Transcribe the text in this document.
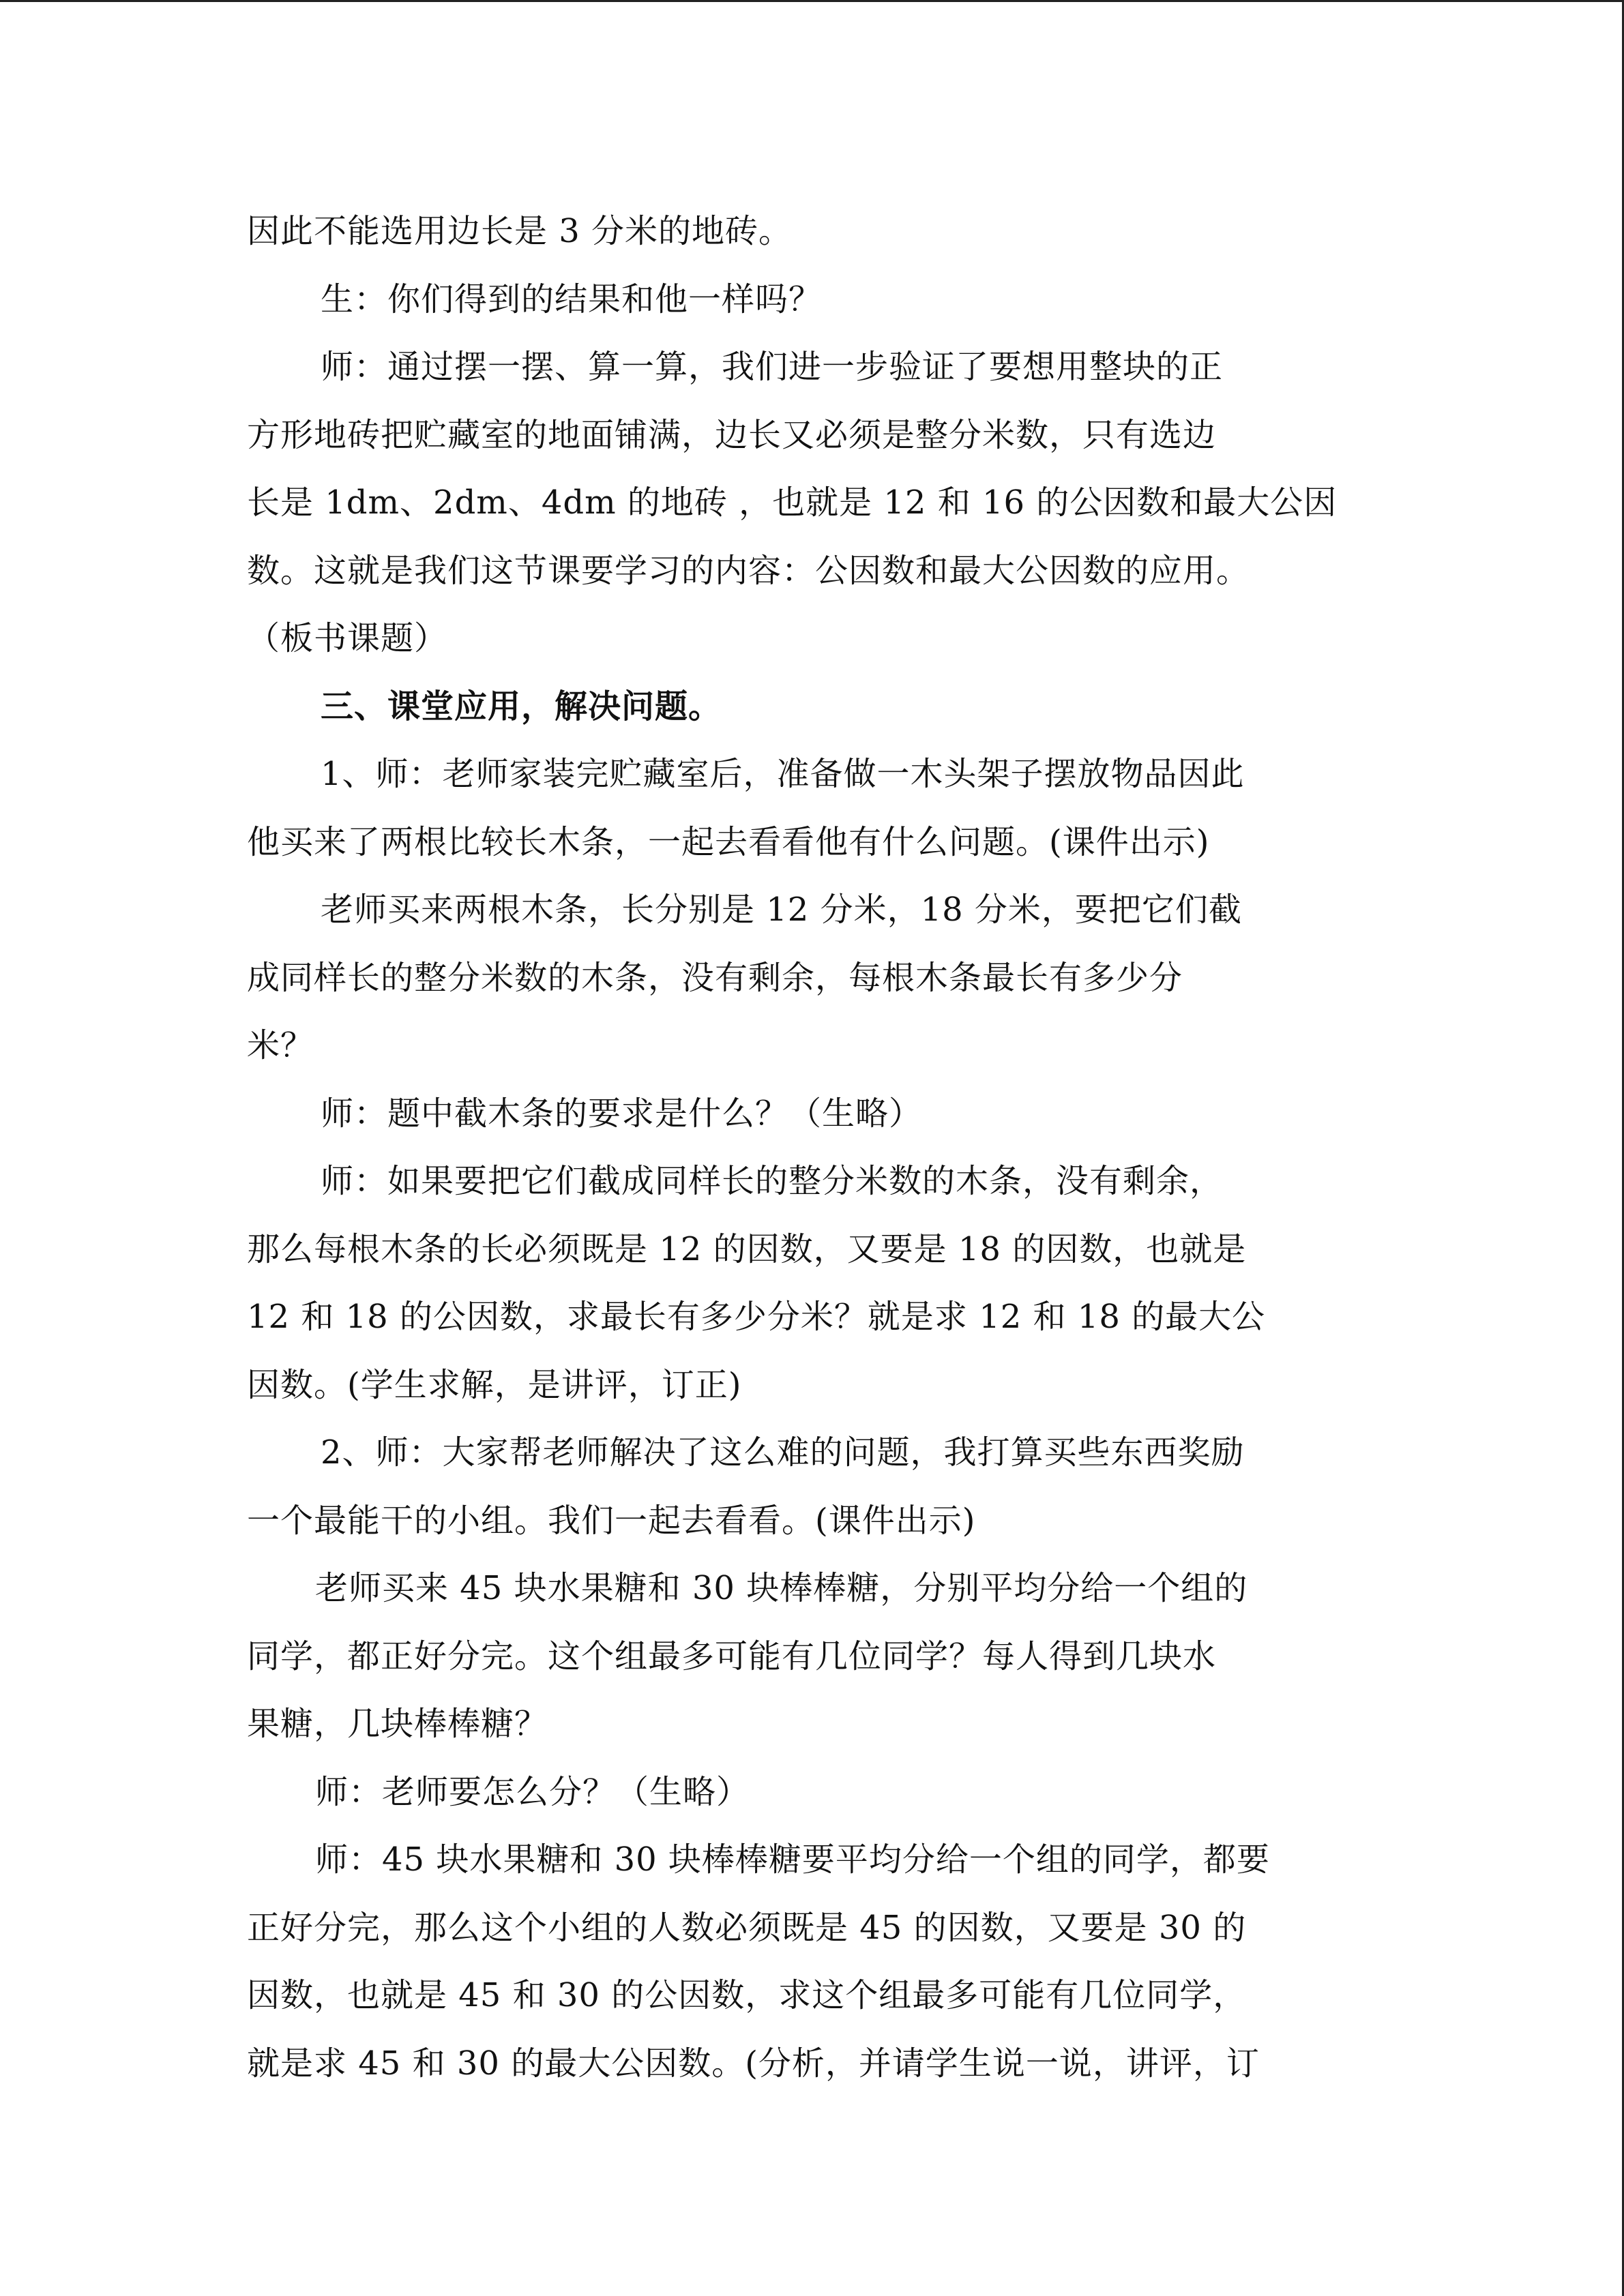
因此不能选用边长是 3 分米的地砖。
生：你们得到的结果和他一样吗？
师：通过摆一摆、算一算，我们进一步验证了要想用整块的正
方形地砖把贮藏室的地面铺满，边长又必须是整分米数，只有选边
长是 1dm、2dm、4dm 的地砖 ，也就是 12 和 16 的公因数和最大公因
数。这就是我们这节课要学习的内容：公因数和最大公因数的应用。
（板书课题）
三、课堂应用，解决问题。
1、师：老师家装完贮藏室后，准备做一木头架子摆放物品因此
他买来了两根比较长木条，一起去看看他有什么问题。(课件出示)
老师买来两根木条，长分别是 12 分米，18 分米，要把它们截
成同样长的整分米数的木条，没有剩余，每根木条最长有多少分
米？
师：题中截木条的要求是什么？（生略）
师：如果要把它们截成同样长的整分米数的木条，没有剩余，
那么每根木条的长必须既是 12 的因数，又要是 18 的因数，也就是
12 和 18 的公因数，求最长有多少分米？就是求 12 和 18 的最大公
因数。(学生求解，是讲评，订正)
2、师：大家帮老师解决了这么难的问题，我打算买些东西奖励
一个最能干的小组。我们一起去看看。(课件出示)
老师买来 45 块水果糖和 30 块棒棒糖，分别平均分给一个组的
同学，都正好分完。这个组最多可能有几位同学？每人得到几块水
果糖，几块棒棒糖？
师：老师要怎么分？（生略）
师：45 块水果糖和 30 块棒棒糖要平均分给一个组的同学，都要
正好分完，那么这个小组的人数必须既是 45 的因数，又要是 30 的
因数，也就是 45 和 30 的公因数，求这个组最多可能有几位同学，
就是求 45 和 30 的最大公因数。(分析，并请学生说一说，讲评，订
